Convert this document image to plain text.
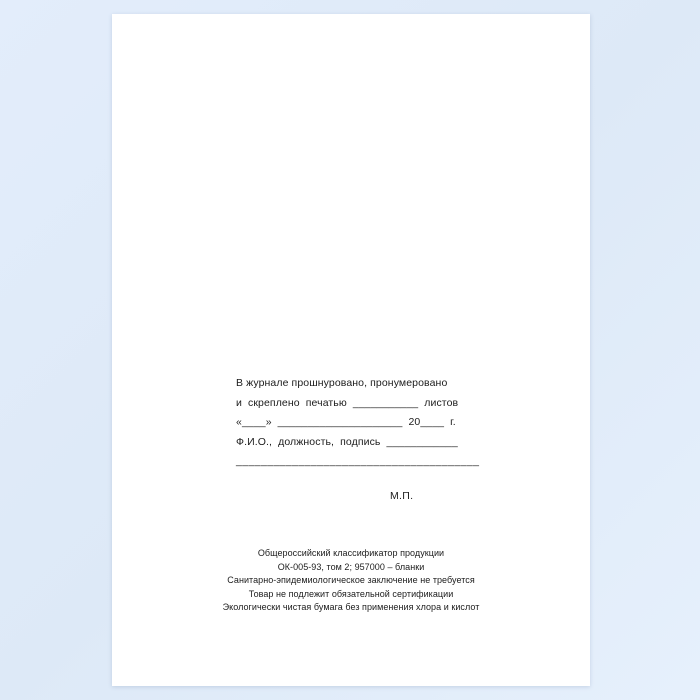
В журнале прошнуровано, пронумеровано
и  скреплено  печатью  ___________  листов
«____»  _____________________  20____  г.
Ф.И.О.,  должность,  подпись  ____________
_______________________________________
М.П.
Общероссийский классификатор продукции
ОК-005-93, том 2; 957000 – бланки
Санитарно-эпидемиологическое заключение не требуется
Товар не подлежит обязательной сертификации
Экологически чистая бумага без применения хлора и кислот
